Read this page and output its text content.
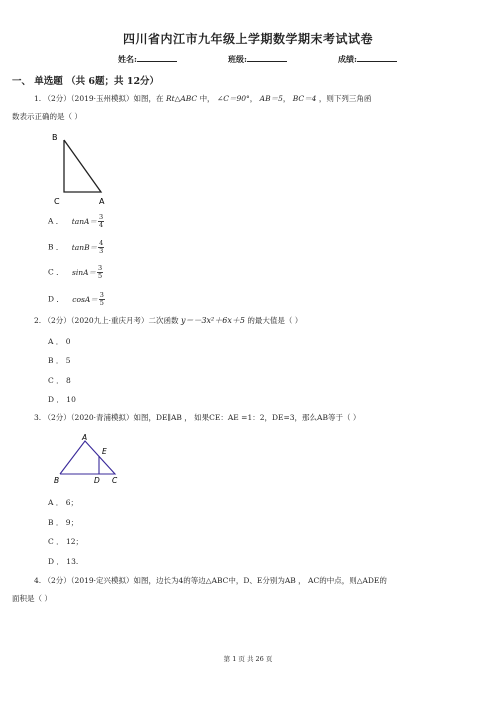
四川省内江市九年级上学期数学期末考试试卷
姓名:	班级:	成绩:
一、 单选题 （共 6题；共 12分）
1. （2分）（2019·玉州模拟）如图，在 Rt△ABC 中， ∠C＝90°， AB＝5， BC＝4 ，则下列三角函
数表示正确的是（ ）
B
C	A
A ． $\tan A= \frac{3}{4}$
B ． $\tan B= \frac{4}{3}$
C ． $\sin A= \frac{3}{5}$
D ． $\cos A= \frac{3}{5}$
2. （2分）（2020九上·重庆月考）二次函数 y＝－3x²＋6x＋5 的最大值是（ ）
A ． 0
B ． 5
C ． 8
D ． 10
3. （2分）（2020·青浦模拟）如图，DE∥AB ， 如果CE：AE =1：2，DE=3，那么AB等于（ ）
A
E
B	D C
A ． 6；
B ． 9；
C ． 12；
D ． 13.
4. （2分）（2019·定兴模拟）如图，边长为4的等边△ABC中，D、E分别为AB ， AC的中点，则△ADE的
面积是（ ）
第 1 页 共 26 页
